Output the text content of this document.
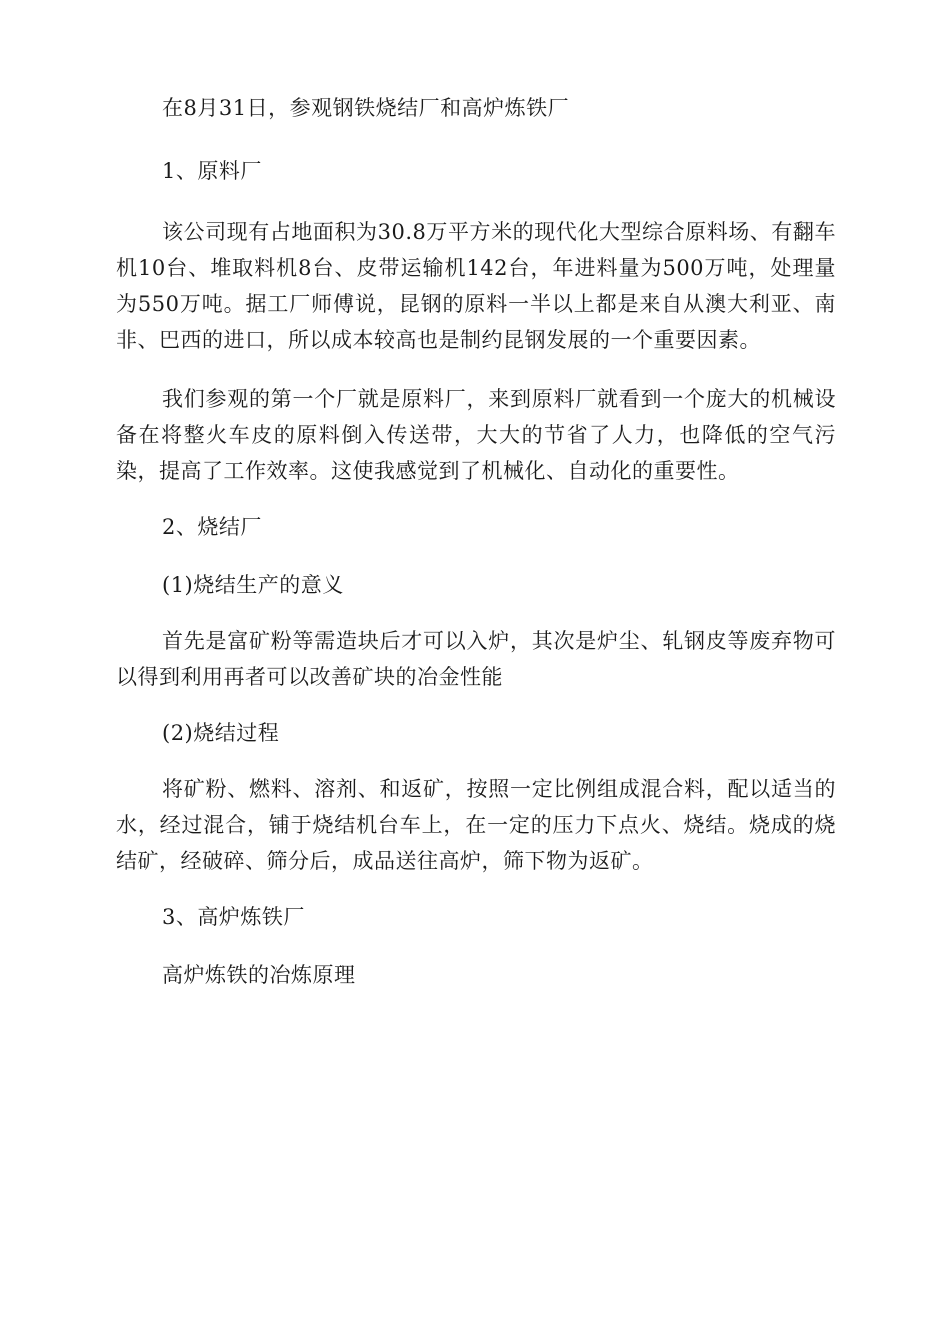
在8月31日，参观钢铁烧结厂和高炉炼铁厂

1、原料厂

该公司现有占地面积为30.8万平方米的现代化大型综合原料场、有翻车机10台、堆取料机8台、皮带运输机142台，年进料量为500万吨，处理量为550万吨。据工厂师傅说，昆钢的原料一半以上都是来自从澳大利亚、南非、巴西的进口，所以成本较高也是制约昆钢发展的一个重要因素。

我们参观的第一个厂就是原料厂，来到原料厂就看到一个庞大的机械设备在将整火车皮的原料倒入传送带，大大的节省了人力，也降低的空气污染，提高了工作效率。这使我感觉到了机械化、自动化的重要性。

2、烧结厂

(1)烧结生产的意义

首先是富矿粉等需造块后才可以入炉，其次是炉尘、轧钢皮等废弃物可以得到利用再者可以改善矿块的冶金性能

(2)烧结过程

将矿粉、燃料、溶剂、和返矿，按照一定比例组成混合料，配以适当的水，经过混合，铺于烧结机台车上，在一定的压力下点火、烧结。烧成的烧结矿，经破碎、筛分后，成品送往高炉，筛下物为返矿。

3、高炉炼铁厂

高炉炼铁的冶炼原理
